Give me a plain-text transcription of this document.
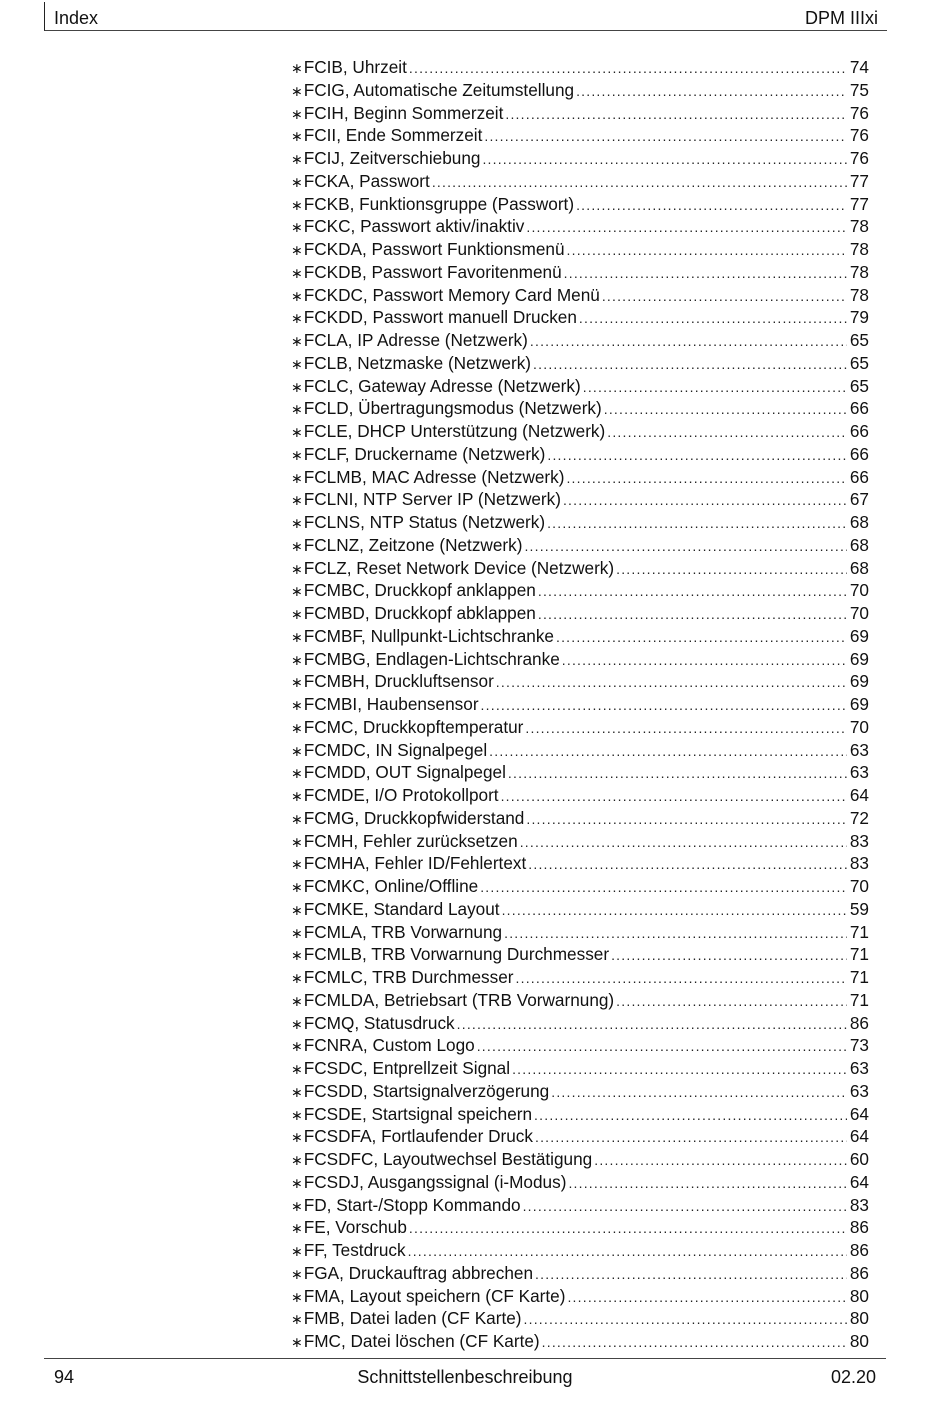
Index	DPM IIIxi
∗ FCIB, Uhrzeit .....	74
∗ FCIG, Automatische Zeitumstellung .....	75
∗ FCIH, Beginn Sommerzeit .....	76
∗ FCII, Ende Sommerzeit .....	76
∗ FCIJ, Zeitverschiebung .....	76
∗ FCKA, Passwort .....	77
∗ FCKB, Funktionsgruppe (Passwort) .....	77
∗ FCKC, Passwort aktiv/inaktiv .....	78
∗ FCKDA, Passwort Funktionsmenü .....	78
∗ FCKDB, Passwort Favoritenmenü .....	78
∗ FCKDC, Passwort Memory Card Menü .....	78
∗ FCKDD, Passwort manuell Drucken .....	79
∗ FCLA, IP Adresse (Netzwerk) .....	65
∗ FCLB, Netzmaske (Netzwerk) .....	65
∗ FCLC, Gateway Adresse (Netzwerk) .....	65
∗ FCLD, Übertragungsmodus (Netzwerk) .....	66
∗ FCLE, DHCP Unterstützung (Netzwerk) .....	66
∗ FCLF, Druckername (Netzwerk) .....	66
∗ FCLMB, MAC Adresse (Netzwerk) .....	66
∗ FCLNI, NTP Server IP (Netzwerk) .....	67
∗ FCLNS, NTP Status (Netzwerk) .....	68
∗ FCLNZ, Zeitzone (Netzwerk) .....	68
∗ FCLZ, Reset Network Device (Netzwerk) .....	68
∗ FCMBC, Druckkopf anklappen .....	70
∗ FCMBD, Druckkopf abklappen .....	70
∗ FCMBF, Nullpunkt-Lichtschranke .....	69
∗ FCMBG, Endlagen-Lichtschranke .....	69
∗ FCMBH, Druckluftsensor .....	69
∗ FCMBI, Haubensensor .....	69
∗ FCMC, Druckkopftemperatur .....	70
∗ FCMDC, IN Signalpegel .....	63
∗ FCMDD, OUT Signalpegel .....	63
∗ FCMDE, I/O Protokollport .....	64
∗ FCMG, Druckkopfwiderstand .....	72
∗ FCMH, Fehler zurücksetzen .....	83
∗ FCMHA, Fehler ID/Fehlertext .....	83
∗ FCMKC, Online/Offline .....	70
∗ FCMKE, Standard Layout .....	59
∗ FCMLA, TRB Vorwarnung .....	71
∗ FCMLB, TRB Vorwarnung Durchmesser .....	71
∗ FCMLC, TRB Durchmesser .....	71
∗ FCMLDA, Betriebsart (TRB Vorwarnung) .....	71
∗ FCMQ, Statusdruck .....	86
∗ FCNRA, Custom Logo .....	73
∗ FCSDC, Entprellzeit Signal .....	63
∗ FCSDD, Startsignalverzögerung .....	63
∗ FCSDE, Startsignal speichern .....	64
∗ FCSDFA, Fortlaufender Druck .....	64
∗ FCSDFC, Layoutwechsel Bestätigung .....	60
∗ FCSDJ, Ausgangssignal (i-Modus) .....	64
∗ FD, Start-/Stopp Kommando .....	83
∗ FE, Vorschub .....	86
∗ FF, Testdruck .....	86
∗ FGA, Druckauftrag abbrechen .....	86
∗ FMA, Layout speichern (CF Karte) .....	80
∗ FMB, Datei laden (CF Karte) .....	80
∗ FMC, Datei löschen (CF Karte) .....	80
94	Schnittstellenbeschreibung	02.20
